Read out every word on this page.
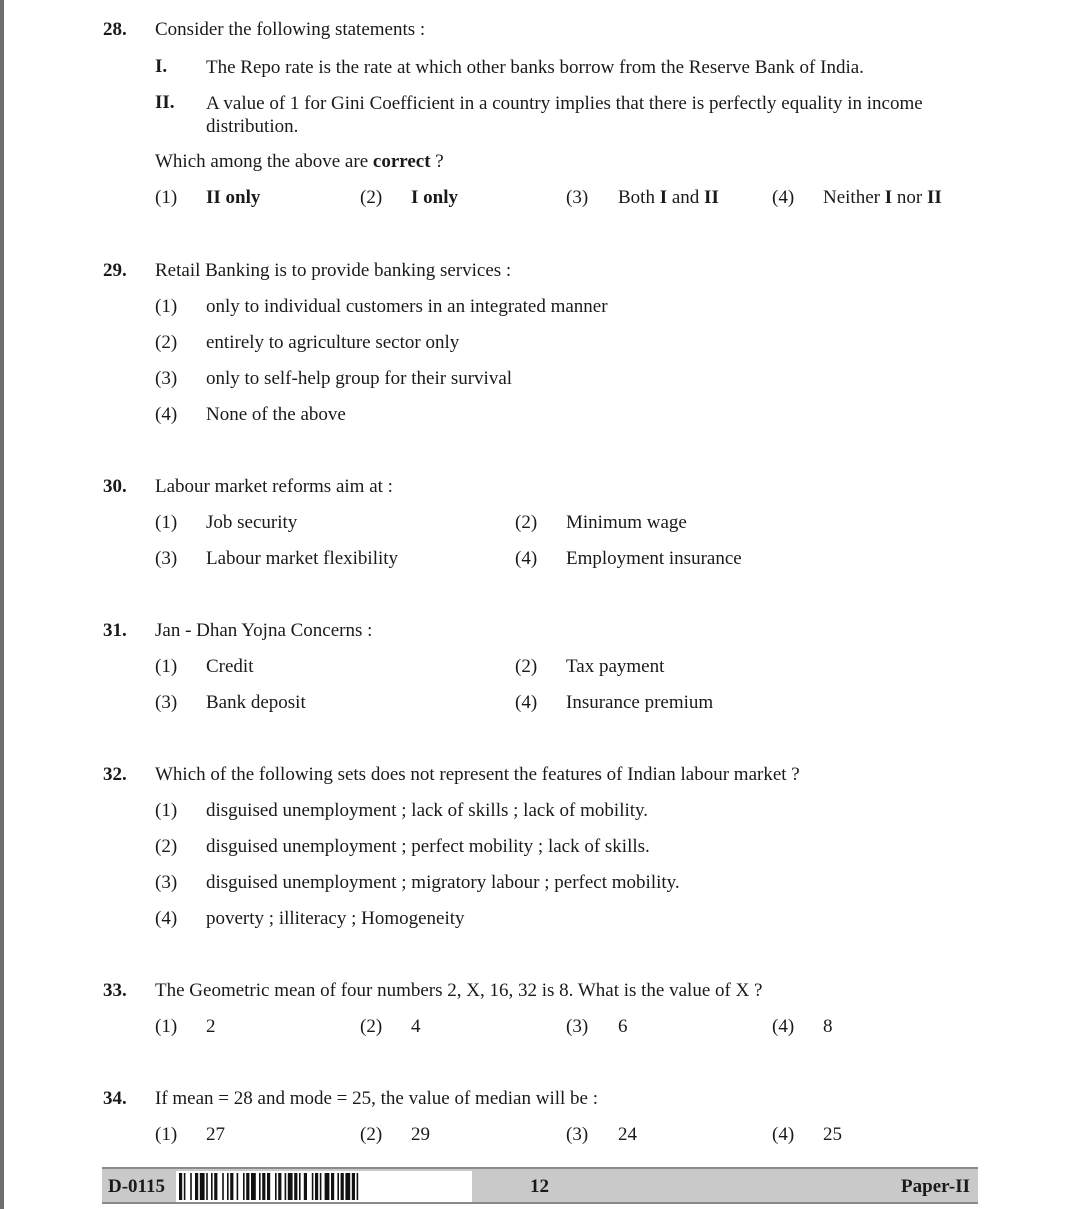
28. Consider the following statements :
I. The Repo rate is the rate at which other banks borrow from the Reserve Bank of India.
II. A value of 1 for Gini Coefficient in a country implies that there is perfectly equality in income distribution.
Which among the above are correct ?
(1) II only	(2) I only	(3) Both I and II	(4) Neither I nor II
29. Retail Banking is to provide banking services :
(1) only to individual customers in an integrated manner
(2) entirely to agriculture sector only
(3) only to self-help group for their survival
(4) None of the above
30. Labour market reforms aim at :
(1) Job security	(2) Minimum wage
(3) Labour market flexibility	(4) Employment insurance
31. Jan - Dhan Yojna Concerns :
(1) Credit	(2) Tax payment
(3) Bank deposit	(4) Insurance premium
32. Which of the following sets does not represent the features of Indian labour market ?
(1) disguised unemployment ; lack of skills ; lack of mobility.
(2) disguised unemployment ; perfect mobility ; lack of skills.
(3) disguised unemployment ; migratory labour ; perfect mobility.
(4) poverty ; illiteracy ; Homogeneity
33. The Geometric mean of four numbers 2, X, 16, 32 is 8. What is the value of X ?
(1) 2	(2) 4	(3) 6	(4) 8
34. If mean = 28 and mode = 25, the value of median will be :
(1) 27	(2) 29	(3) 24	(4) 25
D-0115	12	Paper-II
